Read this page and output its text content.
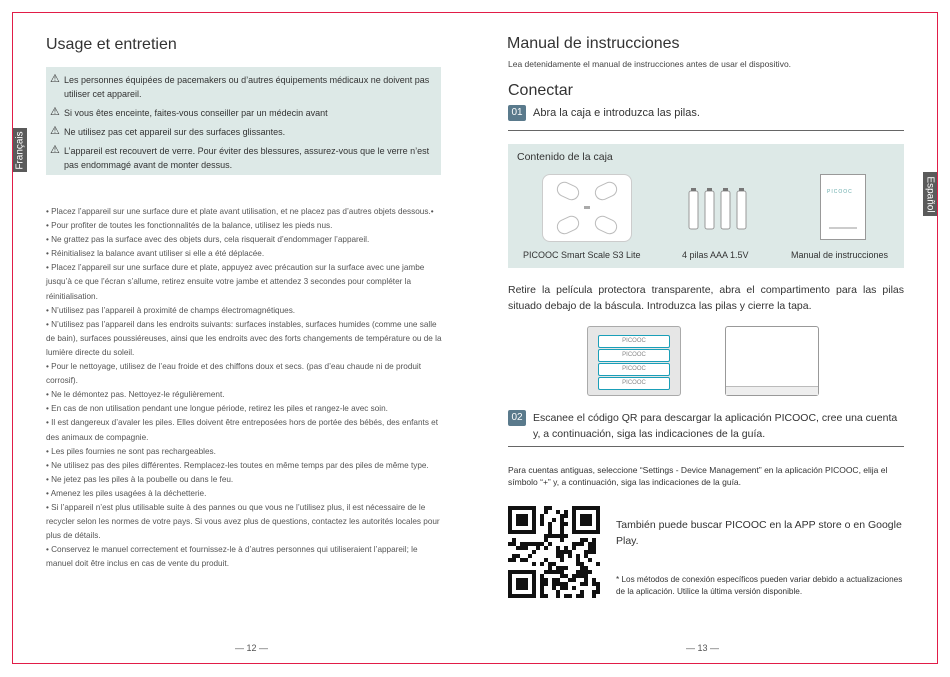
Français
Usage et entretien
⚠ Les personnes équipées de pacemakers ou d’autres équipements médicaux ne doivent pas utiliser cet appareil.
⚠ Si vous êtes enceinte, faites-vous conseiller par un médecin avant
⚠ Ne utilisez pas cet appareil sur des surfaces glissantes.
⚠ L’appareil est recouvert de verre. Pour éviter des blessures, assurez-vous que le verre n’est pas endommagé avant de monter dessus.
• Placez l’appareil sur une surface dure et plate avant utilisation, et ne placez pas d’autres objets dessous.•
• Pour profiter de toutes les fonctionnalités de la balance, utilisez les pieds nus.
• Ne grattez pas la surface avec des objets durs, cela risquerait d’endommager l’appareil.
• Réinitialisez la balance avant utiliser si elle a été déplacée.
• Placez l’appareil sur une surface dure et plate, appuyez avec précaution sur la surface avec une jambe jusqu’à ce que l’écran s’allume, retirez ensuite votre jambe et attendez 3 secondes pour compléter la réinitialisation.
• N’utilisez pas l’appareil à proximité de champs électromagnétiques.
• N’utilisez pas l’appareil dans les endroits suivants: surfaces instables, surfaces humides (comme une salle de bain), surfaces poussiéreuses, ainsi que les endroits avec des forts changements de température ou de la lumière directe du soleil.
• Pour le nettoyage, utilisez de l’eau froide et des chiffons doux et secs. (pas d’eau chaude ni de produit corrosif).
• Ne le démontez pas. Nettoyez-le régulièrement.
• En cas de non utilisation pendant une longue période, retirez les piles et rangez-le avec soin.
• Il est dangereux d’avaler les piles. Elles doivent être entreposées hors de portée des bébés, des enfants et des animaux de compagnie.
• Les piles fournies ne sont pas rechargeables.
• Ne utilisez pas des piles différentes. Remplacez-les toutes en même temps par des piles de même type.
• Ne jetez pas les piles à la poubelle ou dans le feu.
• Amenez les piles usagées à la déchetterie.
• Si l’appareil n’est plus utilisable suite à des pannes ou que vous ne l’utilisez plus, il est nécessaire de le recycler selon les normes de votre pays. Si vous avez plus de questions, contactez les autorités locales pour plus de détails.
• Conservez le manuel correctement et fournissez-le à d’autres personnes qui utiliseraient l’appareil; le manuel doit être inclus en cas de vente du produit.
— 12 —
Español
Manual de instrucciones
Lea detenidamente el manual de instrucciones antes de usar el dispositivo.
Conectar
01 Abra la caja e introduzca las pilas.
Contenido de la caja
PICOOC
PICOOC Smart Scale S3 Lite	4 pilas AAA 1.5V	Manual de instrucciones
Retire la película protectora transparente, abra el compartimento para las pilas situado debajo de la báscula. Introduzca las pilas y cierre la tapa.
PICOOC
PICOOC
PICOOC
PICOOC
02 Escanee el código QR para descargar la aplicación PICOOC, cree una cuenta y, a continuación, siga las indicaciones de la guía.
Para cuentas antiguas, seleccione “Settings - Device Management” en la aplicación PICOOC, elija el símbolo “+” y, a continuación, siga las indicaciones de la guía.
También puede buscar PICOOC en la APP store o en Google Play.
* Los métodos de conexión específicos pueden variar debido a actualizaciones de la aplicación. Utilice la última versión disponible.
— 13 —
